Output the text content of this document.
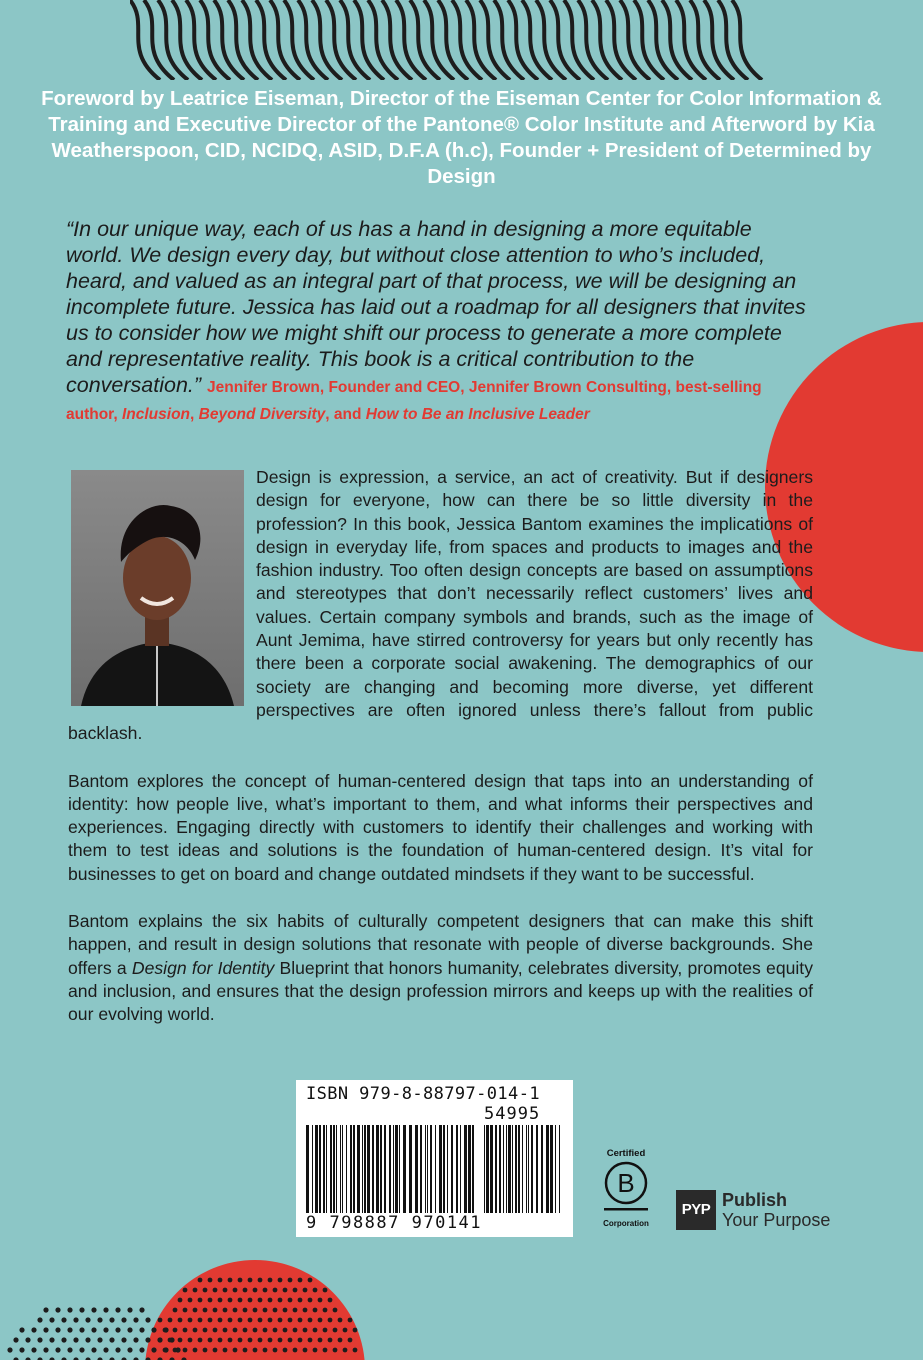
Foreword by Leatrice Eiseman, Director of the Eiseman Center for Color Information & Training and Executive Director of the Pantone® Color Institute and Afterword by Kia Weatherspoon, CID, NCIDQ, ASID, D.F.A (h.c), Founder + President of Determined by Design
“In our unique way, each of us has a hand in designing a more equitable world. We design every day, but without close attention to who’s included, heard, and valued as an integral part of that process, we will be designing an incomplete future. Jessica has laid out a roadmap for all designers that invites us to consider how we might shift our process to generate a more complete and representative reality. This book is a critical contribution to the conversation.” Jennifer Brown, Founder and CEO, Jennifer Brown Consulting, best-selling author, Inclusion, Beyond Diversity, and How to Be an Inclusive Leader

Design is expression, a service, an act of creativity. But if designers design for everyone, how can there be so little diversity in the profession? In this book, Jessica Bantom examines the implications of design in everyday life, from spaces and products to images and the fashion industry. Too often design concepts are based on assumptions and stereotypes that don’t necessarily reflect customers’ lives and values. Certain company symbols and brands, such as the image of Aunt Jemima, have stirred controversy for years but only recently has there been a corporate social awakening. The demographics of our society are changing and becoming more diverse, yet different perspectives are often ignored unless there’s fallout from public backlash.

Bantom explores the concept of human-centered design that taps into an understanding of identity: how people live, what’s important to them, and what informs their perspectives and experiences. Engaging directly with customers to identify their challenges and working with them to test ideas and solutions is the foundation of human-centered design. It’s vital for businesses to get on board and change outdated mindsets if they want to be successful.

Bantom explains the six habits of culturally competent designers that can make this shift happen, and result in design solutions that resonate with people of diverse backgrounds. She offers a Design for Identity Blueprint that honors humanity, celebrates diversity, promotes equity and inclusion, and ensures that the design profession mirrors and keeps up with the realities of our evolving world.

ISBN 979-8-88797-014-1
54995
9 798887 970141
Certified
B
Corporation
PYP Publish
Your Purpose
